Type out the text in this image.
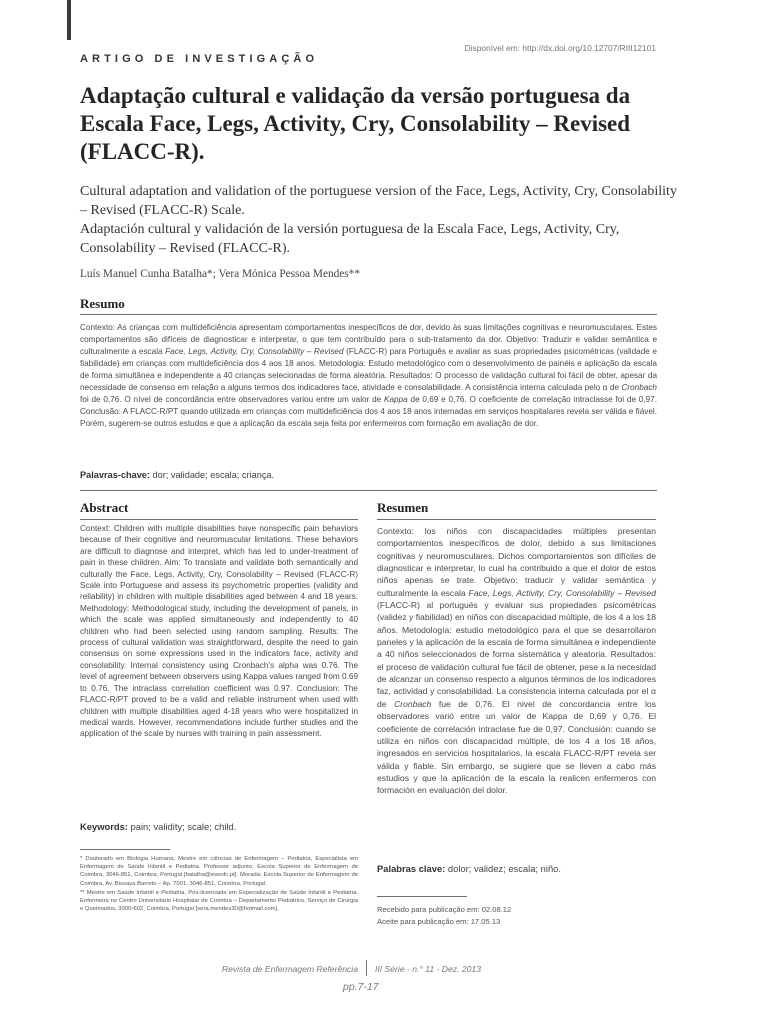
Disponível em: http://dx.doi.org/10.12707/RIII12101
ARTIGO DE INVESTIGAÇÃO
Adaptação cultural e validação da versão portuguesa da Escala Face, Legs, Activity, Cry, Consolability – Revised (FLACC-R).

Cultural adaptation and validation of the portuguese version of the Face, Legs, Activity, Cry, Consolability – Revised (FLACC-R) Scale.

Adaptación cultural y validación de la versión portuguesa de la Escala Face, Legs, Activity, Cry, Consolability – Revised (FLACC-R).

Luís Manuel Cunha Batalha*; Vera Mónica Pessoa Mendes**
Resumo

Contexto: As crianças com multideficiência apresentam comportamentos inespecíficos de dor, devido às suas limitações cognitivas e neuromusculares. Estes comportamentos são difíceis de diagnosticar e interpretar, o que tem contribuído para o sub-tratamento da dor. Objetivo: Traduzir e validar semântica e culturalmente a escala Face, Legs, Activity, Cry, Consolability – Revised (FLACC-R) para Português e avaliar as suas propriedades psicométricas (validade e fiabilidade) em crianças com multideficiência dos 4 aos 18 anos. Metodologia: Estudo metodológico com o desenvolvimento de painéis e aplicação da escala de forma simultânea e independente a 40 crianças selecionadas de forma aleatória. Resultados: O processo de validação cultural foi fácil de obter, apesar da necessidade de consenso em relação a alguns termos dos indicadores face, atividade e consolabilidade. A consistência interna calculada pelo α de Cronbach foi de 0,76. O nível de concordância entre observadores variou entre um valor de Kappa de 0,69 e 0,76. O coeficiente de correlação intraclasse foi de 0,97. Conclusão: A FLACC-R/PT quando utilizada em crianças com multideficiência dos 4 aos 18 anos internadas em serviços hospitalares revela ser válida e fiável. Porém, sugerem-se outros estudos e que a aplicação da escala seja feita por enfermeiros com formação em avaliação de dor.

Palavras-chave: dor; validade; escala; criança.
Abstract

Context: Children with multiple disabilities have nonspecific pain behaviors because of their cognitive and neuromuscular limitations. These behaviors are difficult to diagnose and interpret, which has led to under-treatment of pain in these children. Aim: To translate and validate both semantically and culturally the Face, Legs, Activity, Cry, Consolability – Revised (FLACC-R) Scale into Portuguese and assess its psychometric properties (validity and reliability) in children with multiple disabilities aged between 4 and 18 years. Methodology: Methodological study, including the development of panels, in which the scale was applied simultaneously and independently to 40 children who had been selected using random sampling. Results: The process of cultural validation was straightforward, despite the need to gain consensus on some expressions used in the indicators face, activity and consolability. Internal consistency using Cronbach’s alpha was 0.76. The level of agreement between observers using Kappa values ranged from 0.69 to 0.76. The intraclass correlation coefficient was 0.97. Conclusion: The FLACC-R/PT proved to be a valid and reliable instrument when used with children with multiple disabilities aged 4-18 years who were hospitalized in medical wards. However, recommendations include further studies and the application of the scale by nurses with training in pain assessment.

Keywords: pain; validity; scale; child.
Resumen

Contexto: los niños con discapacidades múltiples presentan comportamientos inespecíficos de dolor, debido a sus limitaciones cognitivas y neuromusculares. Dichos comportamientos son difíciles de diagnosticar e interpretar, lo cual ha contribuido a que el dolor de estos niños apenas se trate. Objetivo: traducir y validar semántica y culturalmente la escala Face, Legs, Activity, Cry, Consolability – Revised (FLACC-R) al portugués y evaluar sus propiedades psicométricas (validez y fiabilidad) en niños con discapacidad múltiple, de los 4 a los 18 años. Metodología: estudio metodológico para el que se desarrollaron paneles y la aplicación de la escala de forma simultánea e independiente a 40 niños seleccionados de forma sistemática y aleatoria. Resultados: el proceso de validación cultural fue fácil de obtener, pese a la necesidad de alcanzar un consenso respecto a algunos términos de los indicadores faz, actividad y consolabilidad. La consistencia interna calculada por el α de Cronbach fue de 0,76. El nivel de concordancia entre los observadores varió entre un valor de Kappa de 0,69 y 0,76. El coeficiente de correlación intraclase fue de 0,97. Conclusión: cuando se utiliza en niños con discapacidad múltiple, de los 4 a los 18 años, ingresados en servicios hospitalarios, la escala FLACC-R/PT revela ser válida y fiable. Sin embargo, se sugiere que se lleven a cabo más estudios y que la aplicación de la escala la realicen enfermeros con formación en evaluación del dolor.

Palabras clave: dolor; validez; escala; niño.

* Doutorado em Biologia Humana, Mestre em ciências de Enfermagem – Pediatria, Especialista em Enfermagem de Saúde Infantil e Pediatria. Professor adjunto, Escola Superior de Enfermagem de Coimbra, 3046-851, Coimbra, Portugal [batalha@esenfc.pt]. Morada: Escola Superior de Enfermagem de Coimbra, Av. Bissaya Barreto – Ap. 7001, 3046-851, Coimbra, Portugal.

** Mestre em Saúde Infantil e Pediatria, Pós-licenciada em Especialização de Saúde Infantil e Pediatria. Enfermeira no Centro Universitário Hospitalar de Coimbra – Departamento Pediátrico, Serviço de Cirurgia e Queimados, 3000-602, Coimbra, Portugal [vera.mendes30@hotmail.com].	Recebido para publicação em: 02.08.12
Aceite para publicação em: 17.05.13
Revista de Enfermagem Referência III Série - n.° 11 - Dez. 2013
pp.7-17
